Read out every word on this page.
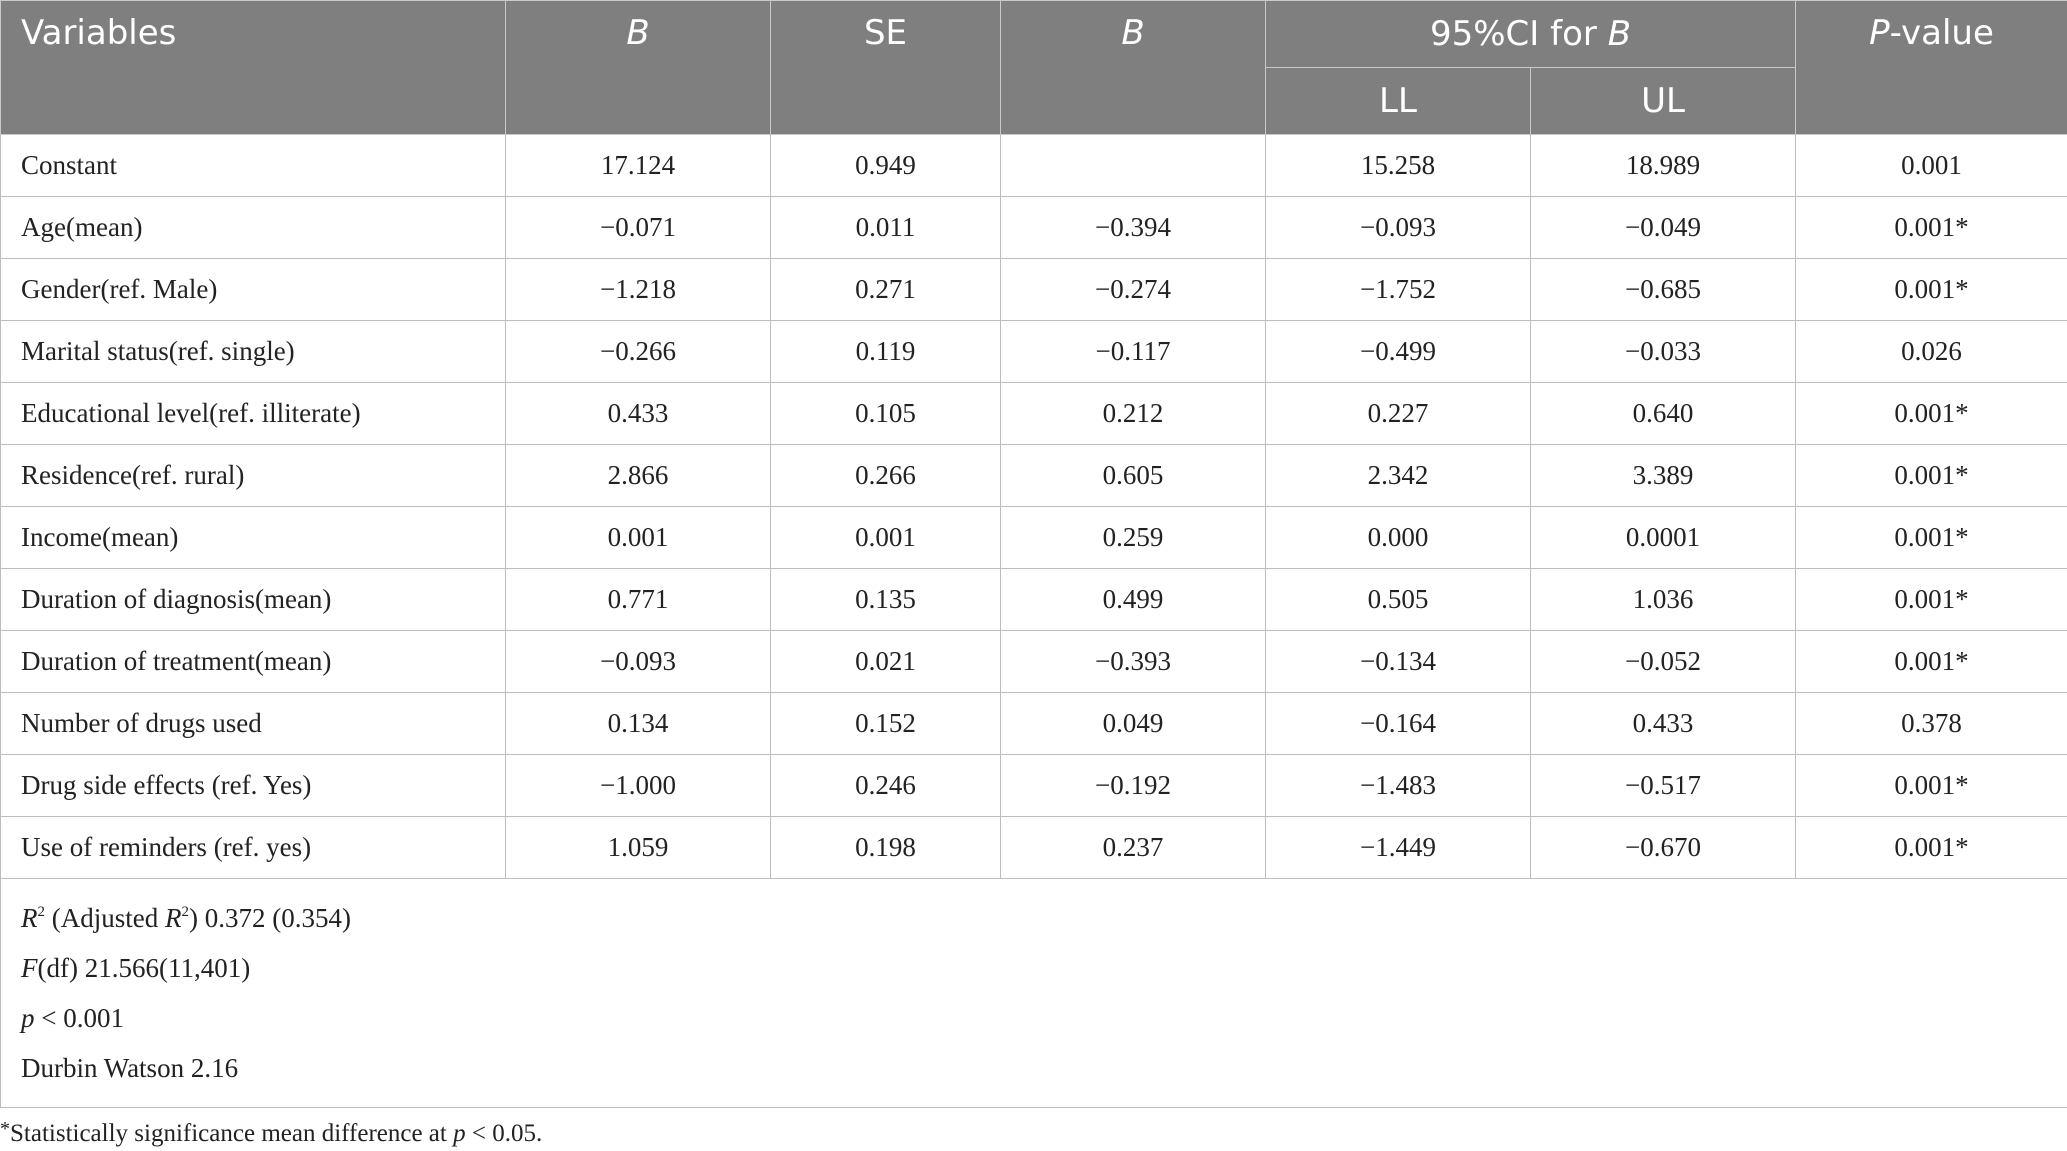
Variables	B	SE	B	95%CI for B		P-value
				LL	UL	
Constant	17.124	0.949		15.258	18.989	0.001
Age(mean)	−0.071	0.011	−0.394	−0.093	−0.049	0.001*
Gender(ref. Male)	−1.218	0.271	−0.274	−1.752	−0.685	0.001*
Marital status(ref. single)	−0.266	0.119	−0.117	−0.499	−0.033	0.026
Educational level(ref. illiterate)	0.433	0.105	0.212	0.227	0.640	0.001*
Residence(ref. rural)	2.866	0.266	0.605	2.342	3.389	0.001*
Income(mean)	0.001	0.001	0.259	0.000	0.0001	0.001*
Duration of diagnosis(mean)	0.771	0.135	0.499	0.505	1.036	0.001*
Duration of treatment(mean)	−0.093	0.021	−0.393	−0.134	−0.052	0.001*
Number of drugs used	0.134	0.152	0.049	−0.164	0.433	0.378
Drug side effects (ref. Yes)	−1.000	0.246	−0.192	−1.483	−0.517	0.001*
Use of reminders (ref. yes)	1.059	0.198	0.237	−1.449	−0.670	0.001*

$R^2$ (Adjusted $R^2$) 0.372 (0.354)
F(df) 21.566(11,401)
p < 0.001
Durbin Watson 2.16						
*Statistically significance mean difference at p < 0.05.
